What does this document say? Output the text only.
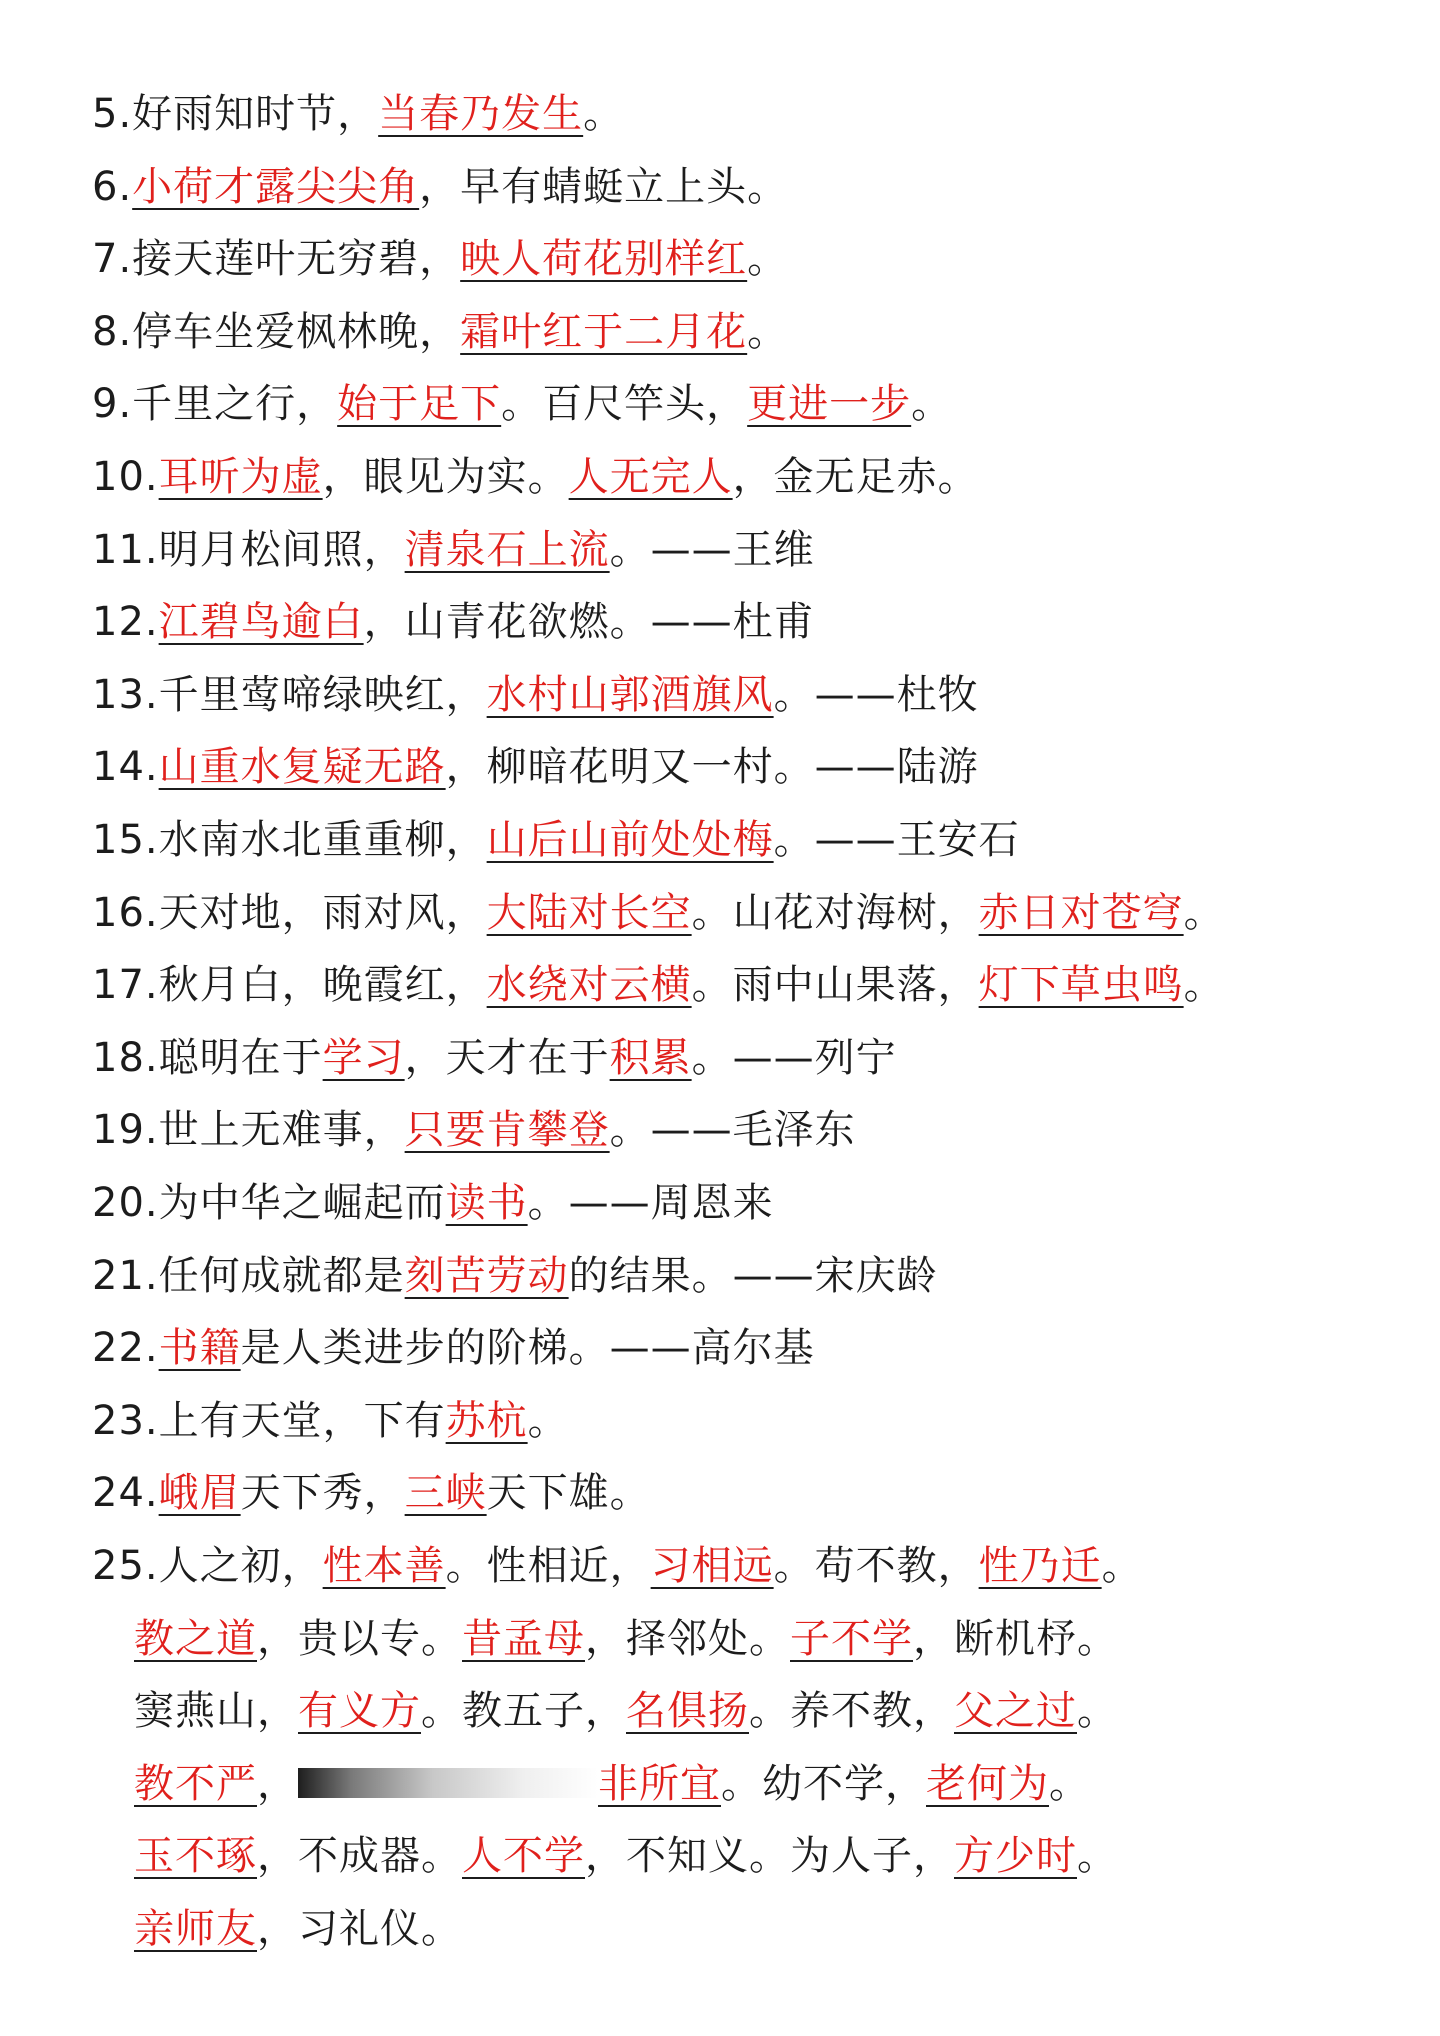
5.好雨知时节，当春乃发生。
6.小荷才露尖尖角，早有蜻蜓立上头。
7.接天莲叶无穷碧，映人荷花别样红。
8.停车坐爱枫林晚，霜叶红于二月花。
9.千里之行，始于足下。百尺竿头，更进一步。
10.耳听为虚，眼见为实。人无完人，金无足赤。
11.明月松间照，清泉石上流。——王维
12.江碧鸟逾白，山青花欲燃。——杜甫
13.千里莺啼绿映红，水村山郭酒旗风。——杜牧
14.山重水复疑无路，柳暗花明又一村。——陆游
15.水南水北重重柳，山后山前处处梅。——王安石
16.天对地，雨对风，大陆对长空。山花对海树，赤日对苍穹。
17.秋月白，晚霞红，水绕对云横。雨中山果落，灯下草虫鸣。
18.聪明在于学习，天才在于积累。——列宁
19.世上无难事，只要肯攀登。——毛泽东
20.为中华之崛起而读书。——周恩来
21.任何成就都是刻苦劳动的结果。——宋庆龄
22.书籍是人类进步的阶梯。——高尔基
23.上有天堂，下有苏杭。
24.峨眉天下秀，三峡天下雄。
25.人之初，性本善。性相近，习相远。苟不教，性乃迁。
教之道，贵以专。昔孟母，择邻处。子不学，断机杼。
窦燕山，有义方。教五子，名俱扬。养不教，父之过。
教不严，	非所宜。幼不学，老何为。
玉不琢，不成器。人不学，不知义。为人子，方少时。
亲师友，习礼仪。
